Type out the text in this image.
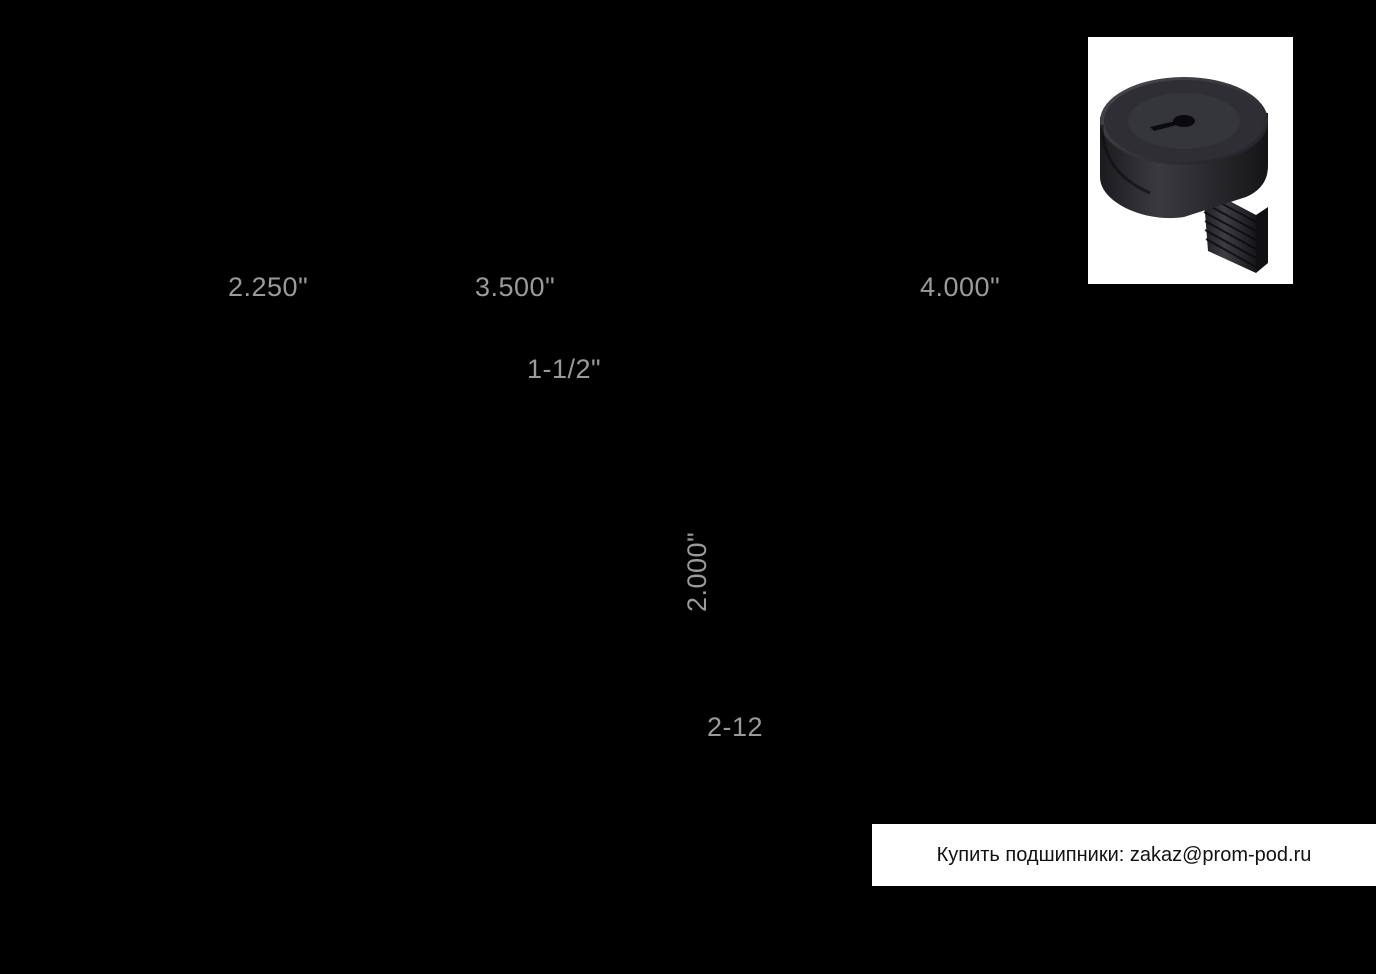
2.250"	3.500"	4.000"
1-1/2"
2.000"
2-12
Купить подшипники: zakaz@prom-pod.ru
